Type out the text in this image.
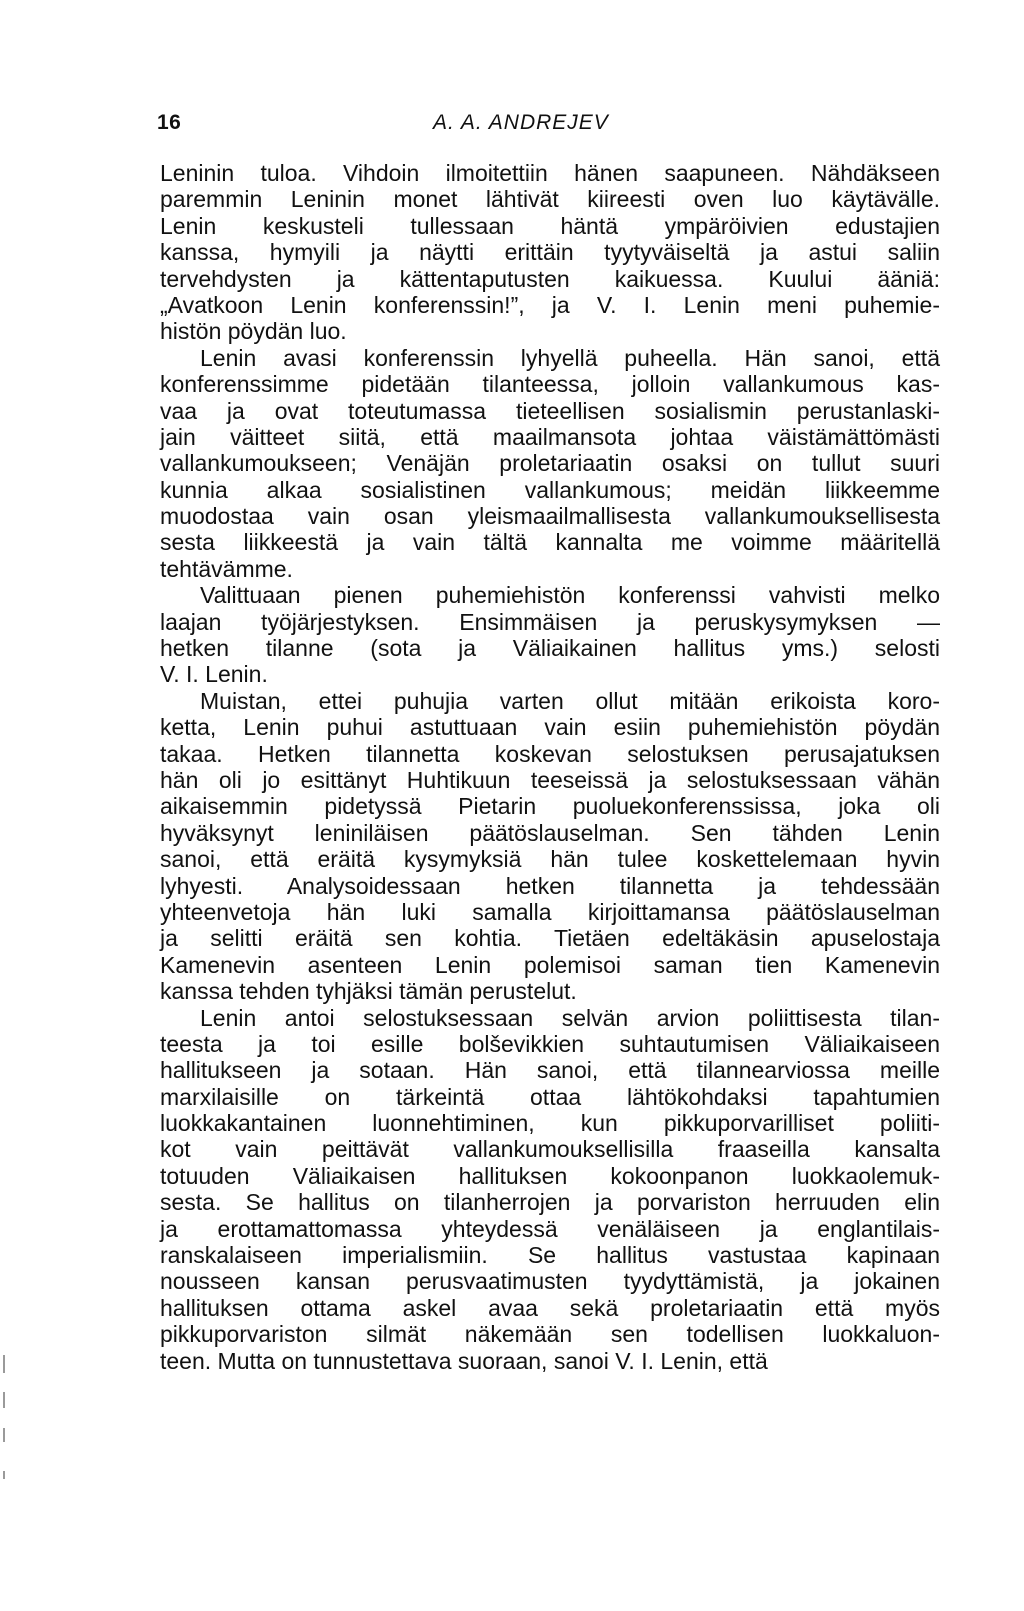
16	A. A. ANDREJEV
Leninin tuloa. Vihdoin ilmoitettiin hänen saapuneen. Nähdäkseen
paremmin Leninin monet lähtivät kiireesti oven luo käytävälle.
Lenin keskusteli tullessaan häntä ympäröivien edustajien
kanssa, hymyili ja näytti erittäin tyytyväiseltä ja astui saliin
tervehdysten ja kättentaputusten kaikuessa. Kuului ääniä:
„Avatkoon Lenin konferenssin!”, ja V. I. Lenin meni puhemie-
histön pöydän luo.
Lenin avasi konferenssin lyhyellä puheella. Hän sanoi, että
konferenssimme pidetään tilanteessa, jolloin vallankumous kas-
vaa ja ovat toteutumassa tieteellisen sosialismin perustanlaski-
jain väitteet siitä, että maailmansota johtaa väistämättömästi
vallankumoukseen; Venäjän proletariaatin osaksi on tullut suuri
kunnia alkaa sosialistinen vallankumous; meidän liikkeemme
muodostaa vain osan yleismaailmallisesta vallankumouksellisesta
sesta liikkeestä ja vain tältä kannalta me voimme määritellä
tehtävämme.
Valittuaan pienen puhemiehistön konferenssi vahvisti melko
laajan työjärjestyksen. Ensimmäisen ja peruskysymyksen —
hetken tilanne (sota ja Väliaikainen hallitus yms.) selosti
V. I. Lenin.
Muistan, ettei puhujia varten ollut mitään erikoista koro-
ketta, Lenin puhui astuttuaan vain esiin puhemiehistön pöydän
takaa. Hetken tilannetta koskevan selostuksen perusajatuksen
hän oli jo esittänyt Huhtikuun teeseissä ja selostuksessaan vähän
aikaisemmin pidetyssä Pietarin puoluekonferenssissa, joka oli
hyväksynyt leniniläisen päätöslauselman. Sen tähden Lenin
sanoi, että eräitä kysymyksiä hän tulee koskettelemaan hyvin
lyhyesti. Analysoidessaan hetken tilannetta ja tehdessään
yhteenvetoja hän luki samalla kirjoittamansa päätöslauselman
ja selitti eräitä sen kohtia. Tietäen edeltäkäsin apuselostaja
Kamenevin asenteen Lenin polemisoi saman tien Kamenevin
kanssa tehden tyhjäksi tämän perustelut.
Lenin antoi selostuksessaan selvän arvion poliittisesta tilan-
teesta ja toi esille bolševikkien suhtautumisen Väliaikaiseen
hallitukseen ja sotaan. Hän sanoi, että tilannearviossa meille
marxilaisille on tärkeintä ottaa lähtökohdaksi tapahtumien
luokkakantainen luonnehtiminen, kun pikkuporvarilliset poliiti-
kot vain peittävät vallankumouksellisilla fraaseilla kansalta
totuuden Väliaikaisen hallituksen kokoonpanon luokkaolemuk-
sesta. Se hallitus on tilanherrojen ja porvariston herruuden elin
ja erottamattomassa yhteydessä venäläiseen ja englantilais-
ranskalaiseen imperialismiin. Se hallitus vastustaa kapinaan
nousseen kansan perusvaatimusten tyydyttämistä, ja jokainen
hallituksen ottama askel avaa sekä proletariaatin että myös
pikkuporvariston silmät näkemään sen todellisen luokkaluon-
teen. Mutta on tunnustettava suoraan, sanoi V. I. Lenin, että
